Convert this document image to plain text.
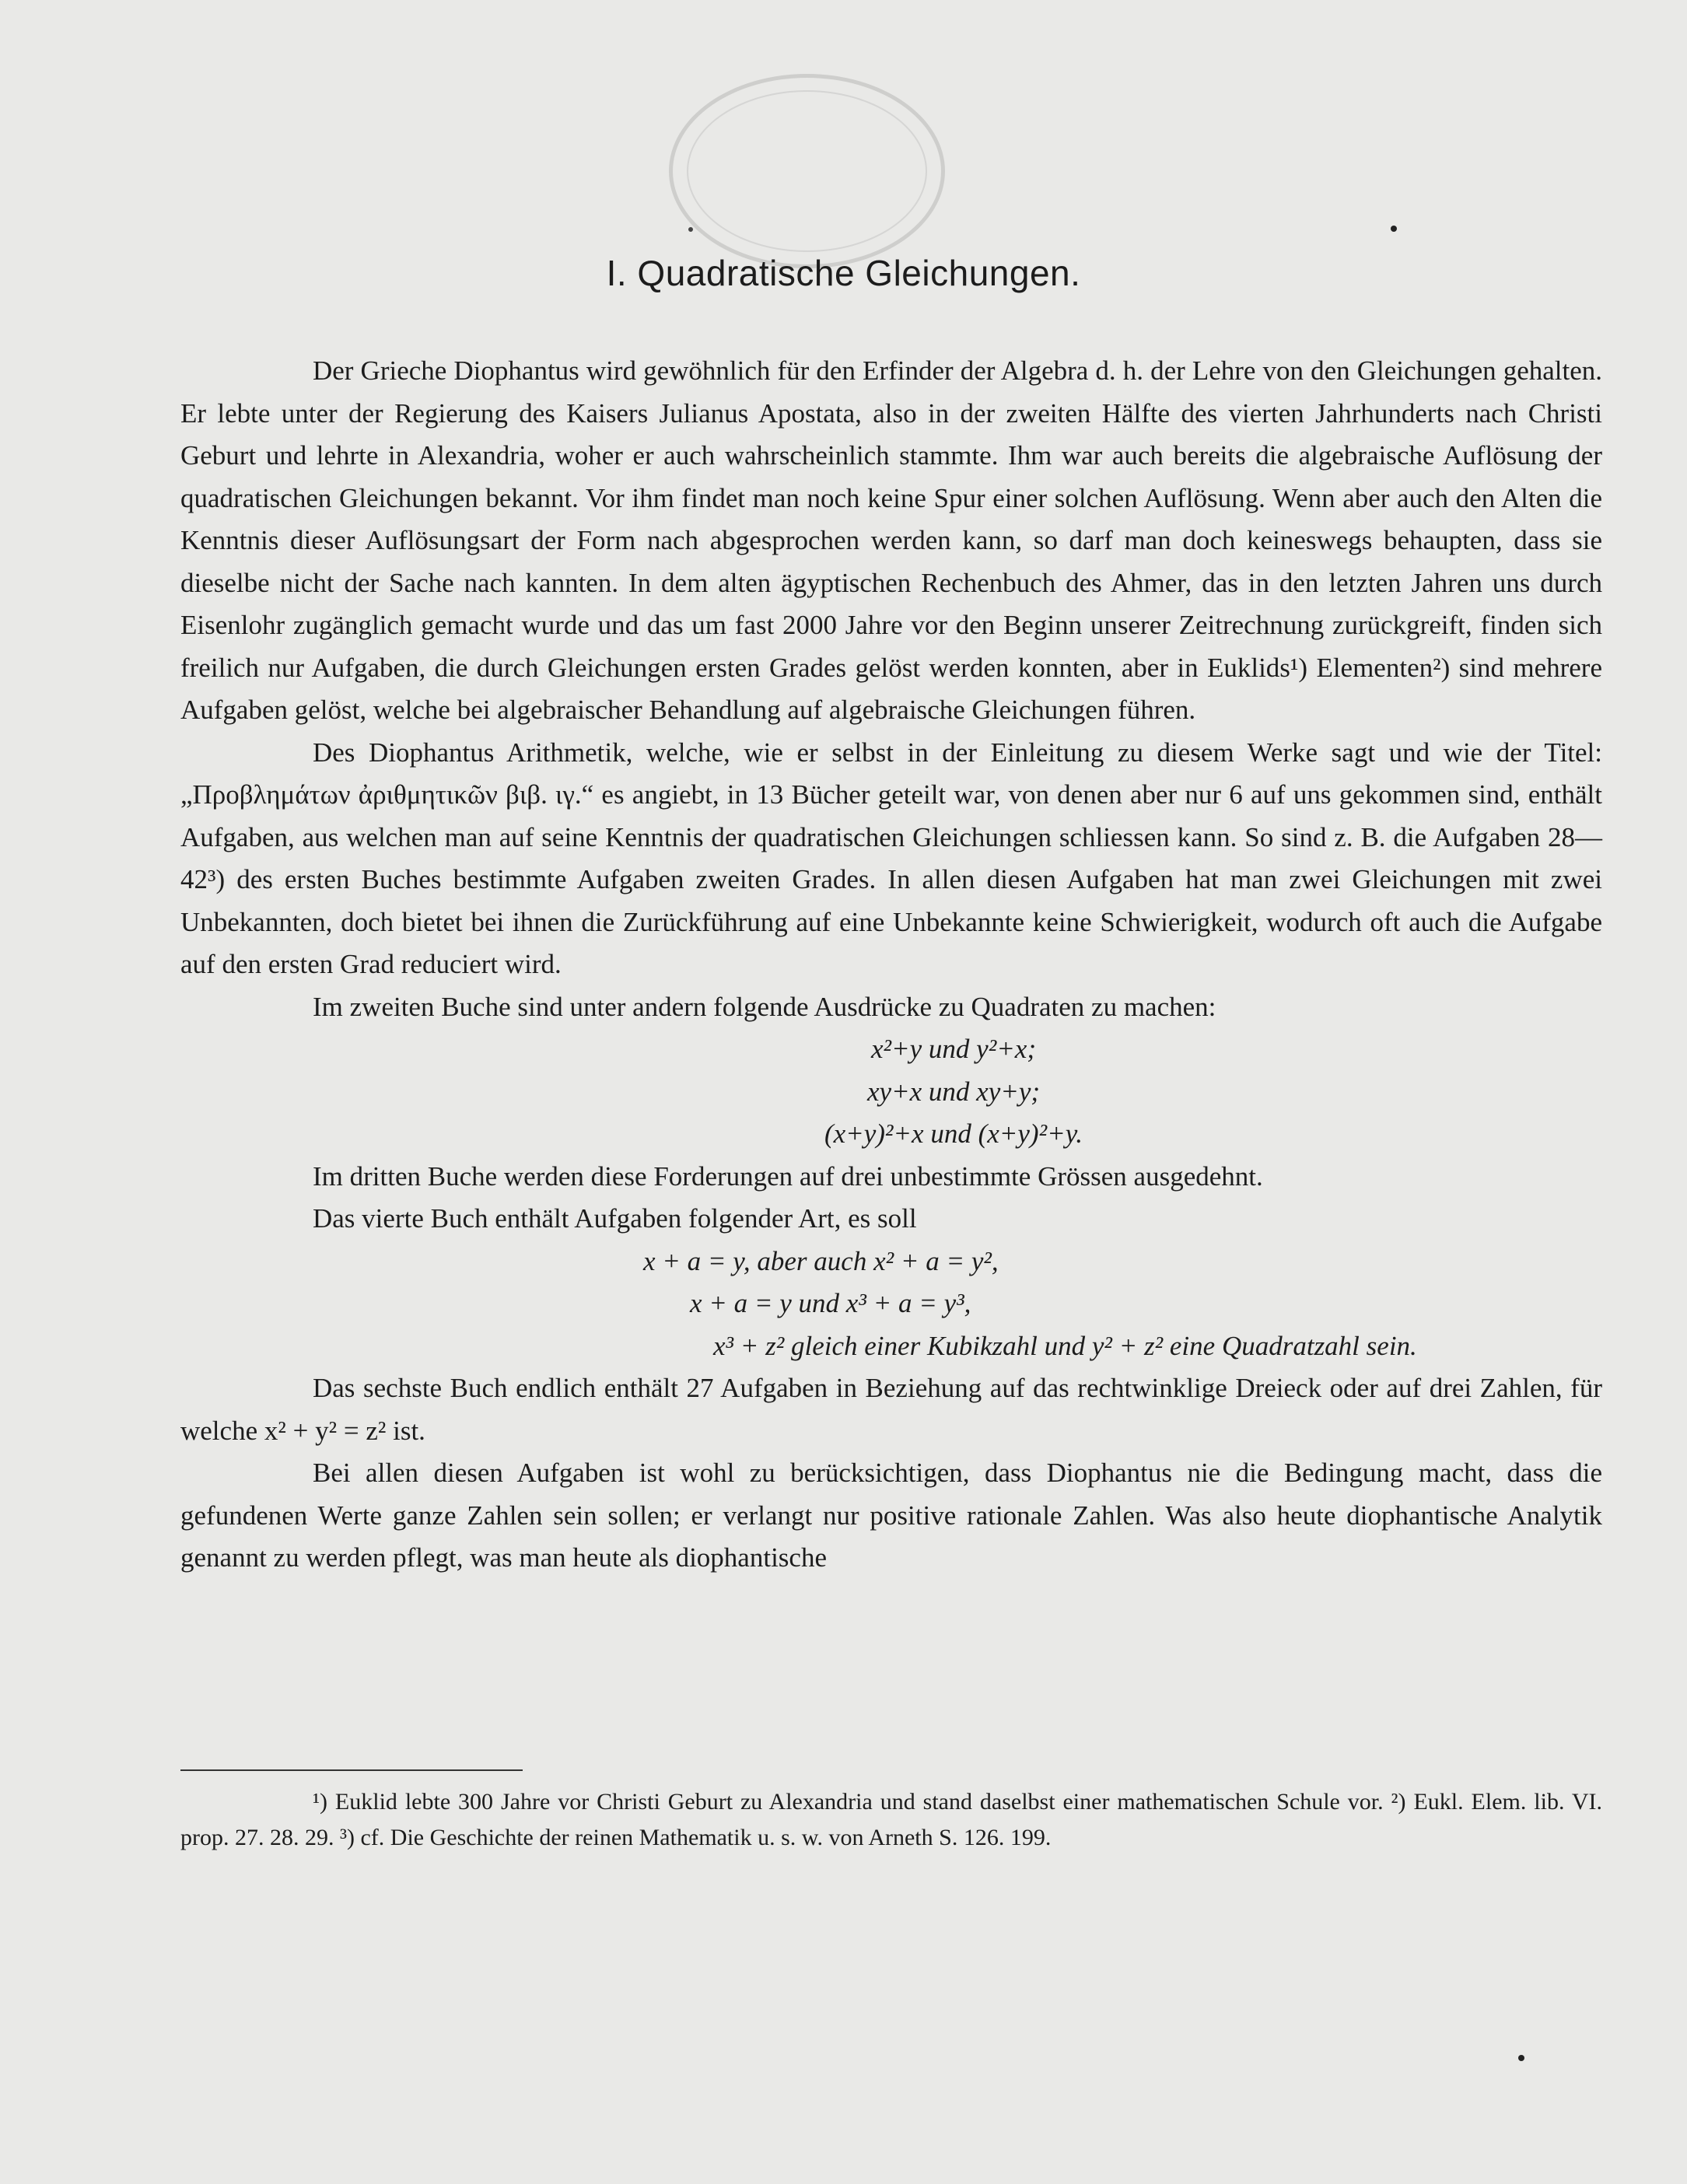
I. Quadratische Gleichungen.

Der Grieche Diophantus wird gewöhnlich für den Erfinder der Algebra d. h. der Lehre von den Gleichungen gehalten. Er lebte unter der Regierung des Kaisers Julianus Apostata, also in der zweiten Hälfte des vierten Jahrhunderts nach Christi Geburt und lehrte in Alexandria, woher er auch wahrscheinlich stammte. Ihm war auch bereits die algebraische Auflösung der quadratischen Gleichungen bekannt. Vor ihm findet man noch keine Spur einer solchen Auflösung. Wenn aber auch den Alten die Kenntnis dieser Auflösungsart der Form nach abgesprochen werden kann, so darf man doch keineswegs behaupten, dass sie dieselbe nicht der Sache nach kannten. In dem alten ägyptischen Rechenbuch des Ahmer, das in den letzten Jahren uns durch Eisenlohr zugänglich gemacht wurde und das um fast 2000 Jahre vor den Beginn unserer Zeitrechnung zurückgreift, finden sich freilich nur Aufgaben, die durch Gleichungen ersten Grades gelöst werden konnten, aber in Euklids¹) Elementen²) sind mehrere Aufgaben gelöst, welche bei algebraischer Behandlung auf algebraische Gleichungen führen.

Des Diophantus Arithmetik, welche, wie er selbst in der Einleitung zu diesem Werke sagt und wie der Titel: „Προβλημάτων ἀριθμητικῶν βιβ. ιγ.“ es angiebt, in 13 Bücher geteilt war, von denen aber nur 6 auf uns gekommen sind, enthält Aufgaben, aus welchen man auf seine Kenntnis der quadratischen Gleichungen schliessen kann. So sind z. B. die Aufgaben 28—42³) des ersten Buches bestimmte Aufgaben zweiten Grades. In allen diesen Aufgaben hat man zwei Gleichungen mit zwei Unbekannten, doch bietet bei ihnen die Zurückführung auf eine Unbekannte keine Schwierigkeit, wodurch oft auch die Aufgabe auf den ersten Grad reduciert wird.

Im zweiten Buche sind unter andern folgende Ausdrücke zu Quadraten zu machen:
x²+y und y²+x;
xy+x und xy+y;
(x+y)²+x und (x+y)²+y.
Im dritten Buche werden diese Forderungen auf drei unbestimmte Grössen ausgedehnt.
Das vierte Buch enthält Aufgaben folgender Art, es soll
x + a = y, aber auch x² + a = y²,
x + a = y und x³ + a = y³,
x³ + z² gleich einer Kubikzahl und y² + z² eine Quadratzahl sein.

Das sechste Buch endlich enthält 27 Aufgaben in Beziehung auf das rechtwinklige Dreieck oder auf drei Zahlen, für welche x² + y² = z² ist.

Bei allen diesen Aufgaben ist wohl zu berücksichtigen, dass Diophantus nie die Bedingung macht, dass die gefundenen Werte ganze Zahlen sein sollen; er verlangt nur positive rationale Zahlen. Was also heute diophantische Analytik genannt zu werden pflegt, was man heute als diophantische

¹) Euklid lebte 300 Jahre vor Christi Geburt zu Alexandria und stand daselbst einer mathematischen Schule vor. ²) Eukl. Elem. lib. VI. prop. 27. 28. 29. ³) cf. Die Geschichte der reinen Mathematik u. s. w. von Arneth S. 126. 199.
